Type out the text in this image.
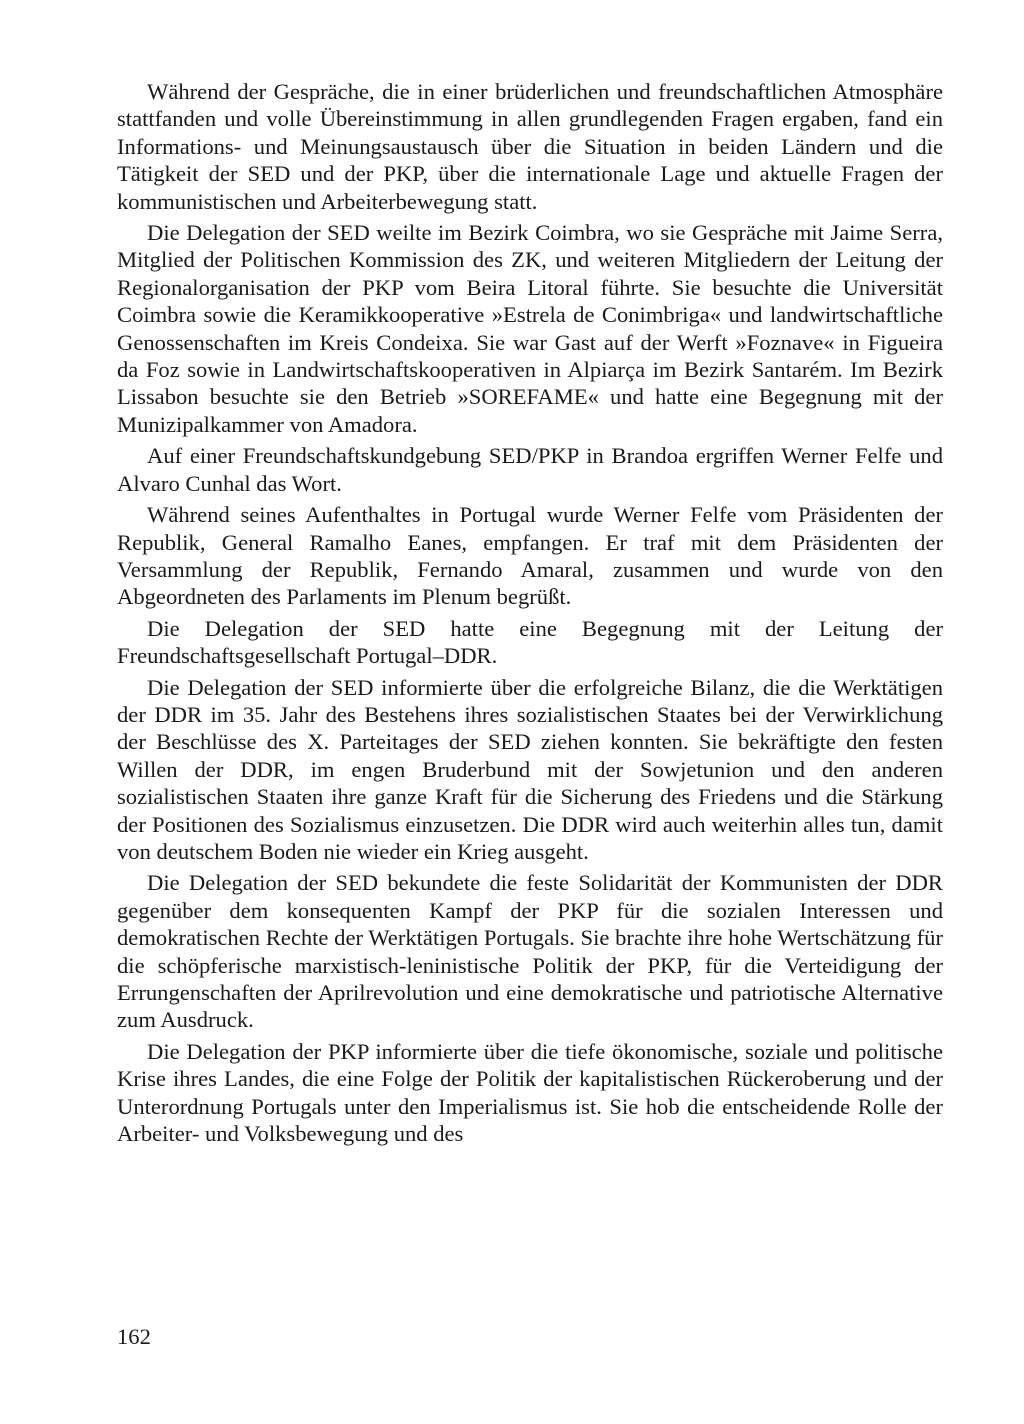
Während der Gespräche, die in einer brüderlichen und freundschaftlichen Atmosphäre stattfanden und volle Übereinstimmung in allen grundlegenden Fragen ergaben, fand ein Informations- und Meinungsaustausch über die Situation in beiden Ländern und die Tätigkeit der SED und der PKP, über die internationale Lage und aktuelle Fragen der kommunistischen und Arbeiterbewegung statt.

Die Delegation der SED weilte im Bezirk Coimbra, wo sie Gespräche mit Jaime Serra, Mitglied der Politischen Kommission des ZK, und weiteren Mitgliedern der Leitung der Regionalorganisation der PKP vom Beira Litoral führte. Sie besuchte die Universität Coimbra sowie die Keramikkooperative »Estrela de Conimbriga« und landwirtschaftliche Genossenschaften im Kreis Condeixa. Sie war Gast auf der Werft »Foznave« in Figueira da Foz sowie in Landwirtschaftskooperativen in Alpiarça im Bezirk Santarém. Im Bezirk Lissabon besuchte sie den Betrieb »SOREFAME« und hatte eine Begegnung mit der Munizipalkammer von Amadora.

Auf einer Freundschaftskundgebung SED/PKP in Brandoa ergriffen Werner Felfe und Alvaro Cunhal das Wort.

Während seines Aufenthaltes in Portugal wurde Werner Felfe vom Präsidenten der Republik, General Ramalho Eanes, empfangen. Er traf mit dem Präsidenten der Versammlung der Republik, Fernando Amaral, zusammen und wurde von den Abgeordneten des Parlaments im Plenum begrüßt.

Die Delegation der SED hatte eine Begegnung mit der Leitung der Freundschaftsgesellschaft Portugal–DDR.

Die Delegation der SED informierte über die erfolgreiche Bilanz, die die Werktätigen der DDR im 35. Jahr des Bestehens ihres sozialistischen Staates bei der Verwirklichung der Beschlüsse des X. Parteitages der SED ziehen konnten. Sie bekräftigte den festen Willen der DDR, im engen Bruderbund mit der Sowjetunion und den anderen sozialistischen Staaten ihre ganze Kraft für die Sicherung des Friedens und die Stärkung der Positionen des Sozialismus einzusetzen. Die DDR wird auch weiterhin alles tun, damit von deutschem Boden nie wieder ein Krieg ausgeht.

Die Delegation der SED bekundete die feste Solidarität der Kommunisten der DDR gegenüber dem konsequenten Kampf der PKP für die sozialen Interessen und demokratischen Rechte der Werktätigen Portugals. Sie brachte ihre hohe Wertschätzung für die schöpferische marxistisch-leninistische Politik der PKP, für die Verteidigung der Errungenschaften der Aprilrevolution und eine demokratische und patriotische Alternative zum Ausdruck.

Die Delegation der PKP informierte über die tiefe ökonomische, soziale und politische Krise ihres Landes, die eine Folge der Politik der kapitalistischen Rückeroberung und der Unterordnung Portugals unter den Imperialismus ist. Sie hob die entscheidende Rolle der Arbeiter- und Volksbewegung und des

162
